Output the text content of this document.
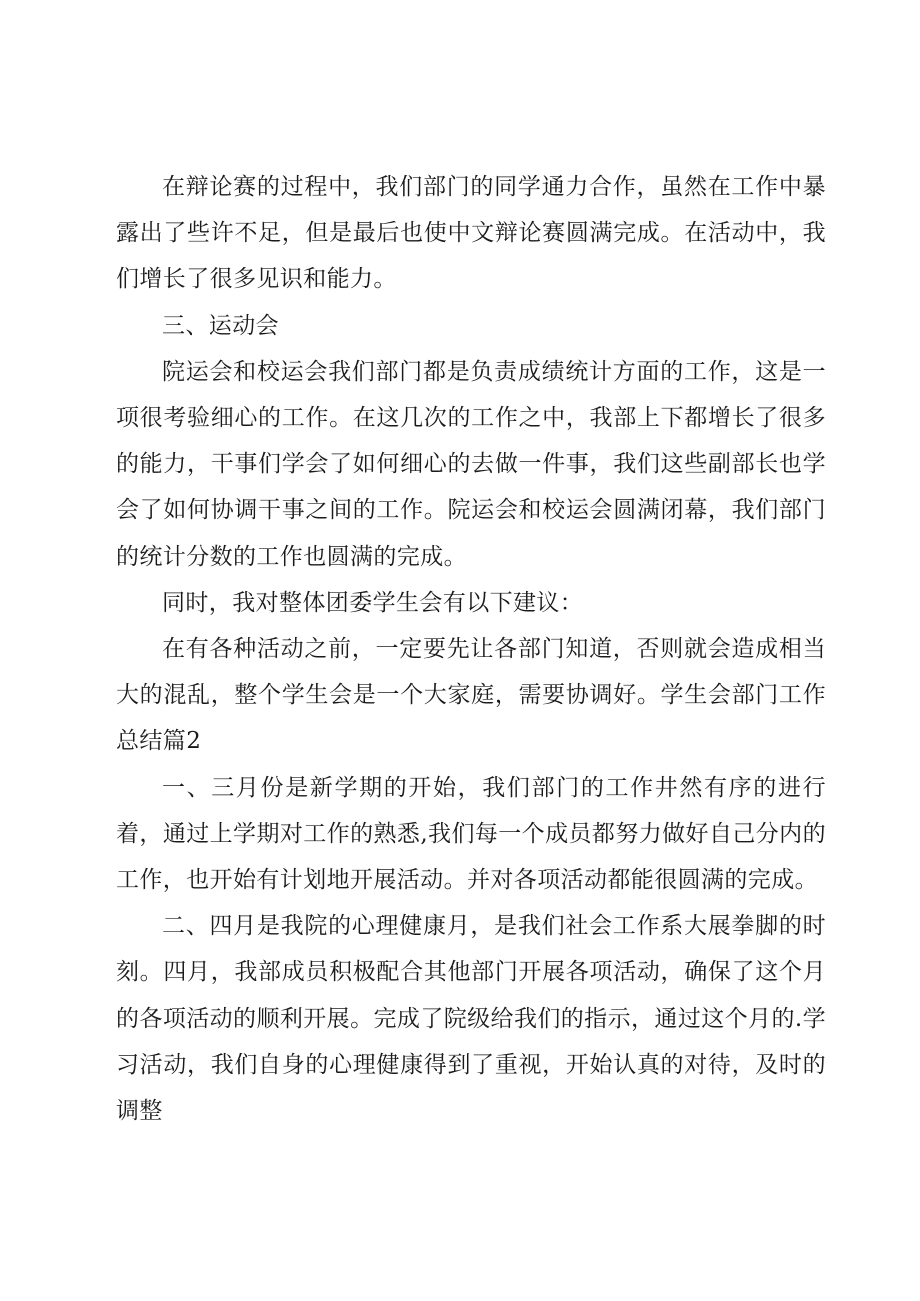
在辩论赛的过程中，我们部门的同学通力合作，虽然在工作中暴露出了些许不足，但是最后也使中文辩论赛圆满完成。在活动中，我们增长了很多见识和能力。

三、运动会

院运会和校运会我们部门都是负责成绩统计方面的工作，这是一项很考验细心的工作。在这几次的工作之中，我部上下都增长了很多的能力，干事们学会了如何细心的去做一件事，我们这些副部长也学会了如何协调干事之间的工作。院运会和校运会圆满闭幕，我们部门的统计分数的工作也圆满的完成。

同时，我对整体团委学生会有以下建议：

在有各种活动之前，一定要先让各部门知道，否则就会造成相当大的混乱，整个学生会是一个大家庭，需要协调好。学生会部门工作总结篇2

一、三月份是新学期的开始，我们部门的工作井然有序的进行着，通过上学期对工作的熟悉,我们每一个成员都努力做好自己分内的工作，也开始有计划地开展活动。并对各项活动都能很圆满的完成。

二、四月是我院的心理健康月，是我们社会工作系大展拳脚的时刻。四月，我部成员积极配合其他部门开展各项活动，确保了这个月的各项活动的顺利开展。完成了院级给我们的指示，通过这个月的.学习活动，我们自身的心理健康得到了重视，开始认真的对待，及时的调整
